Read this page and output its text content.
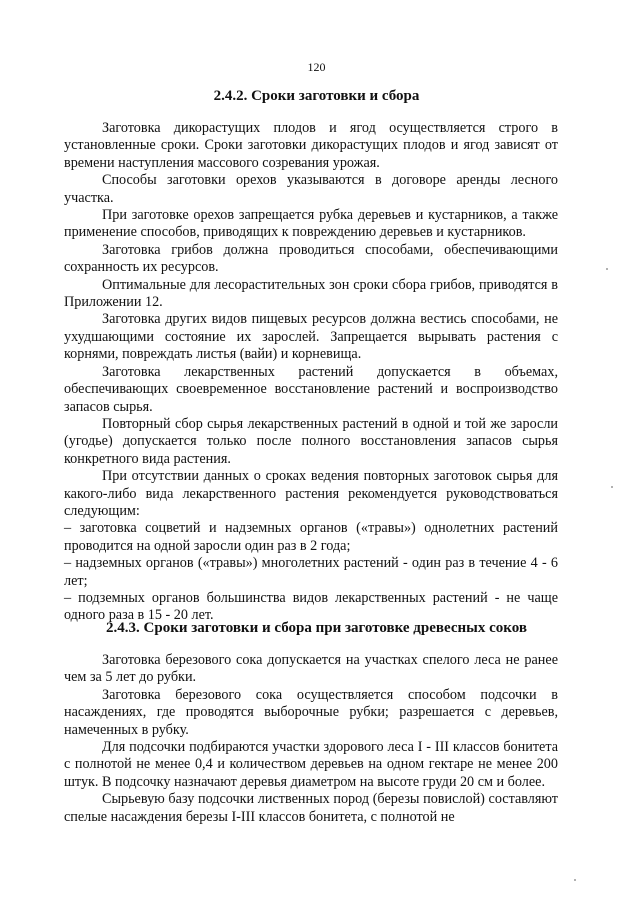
120
2.4.2. Сроки заготовки и сбора

Заготовка дикорастущих плодов и ягод осуществляется строго в установленные сроки. Сроки заготовки дикорастущих плодов и ягод зависят от времени наступления массового созревания урожая.

Способы заготовки орехов указываются в договоре аренды лесного участка.

При заготовке орехов запрещается рубка деревьев и кустарников, а также применение способов, приводящих к повреждению деревьев и кустарников.

Заготовка грибов должна проводиться способами, обеспечивающими сохранность их ресурсов.

Оптимальные для лесорастительных зон сроки сбора грибов, приводятся в Приложении 12.

Заготовка других видов пищевых ресурсов должна вестись способами, не ухудшающими состояние их зарослей. Запрещается вырывать растения с корнями, повреждать листья (вайи) и корневища.

Заготовка лекарственных растений допускается в объемах, обеспечивающих своевременное восстановление растений и воспроизводство запасов сырья.

Повторный сбор сырья лекарственных растений в одной и той же заросли (угодье) допускается только после полного восстановления запасов сырья конкретного вида растения.

При отсутствии данных о сроках ведения повторных заготовок сырья для какого-либо вида лекарственного растения рекомендуется руководствоваться следующим:

– заготовка соцветий и надземных органов («травы») однолетних растений проводится на одной заросли один раз в 2 года;

– надземных органов («травы») многолетних растений - один раз в течение 4 - 6 лет;

– подземных органов большинства видов лекарственных растений - не чаще одного раза в 15 - 20 лет.

2.4.3. Сроки заготовки и сбора при заготовке древесных соков

Заготовка березового сока допускается на участках спелого леса не ранее чем за 5 лет до рубки.

Заготовка березового сока осуществляется способом подсочки в насаждениях, где проводятся выборочные рубки; разрешается с деревьев, намеченных в рубку.

Для подсочки подбираются участки здорового леса I - III классов бонитета с полнотой не менее 0,4 и количеством деревьев на одном гектаре не менее 200 штук. В подсочку назначают деревья диаметром на высоте груди 20 см и более.

Сырьевую базу подсочки лиственных пород (березы повислой) составляют спелые насаждения березы I-III классов бонитета, с полнотой не
